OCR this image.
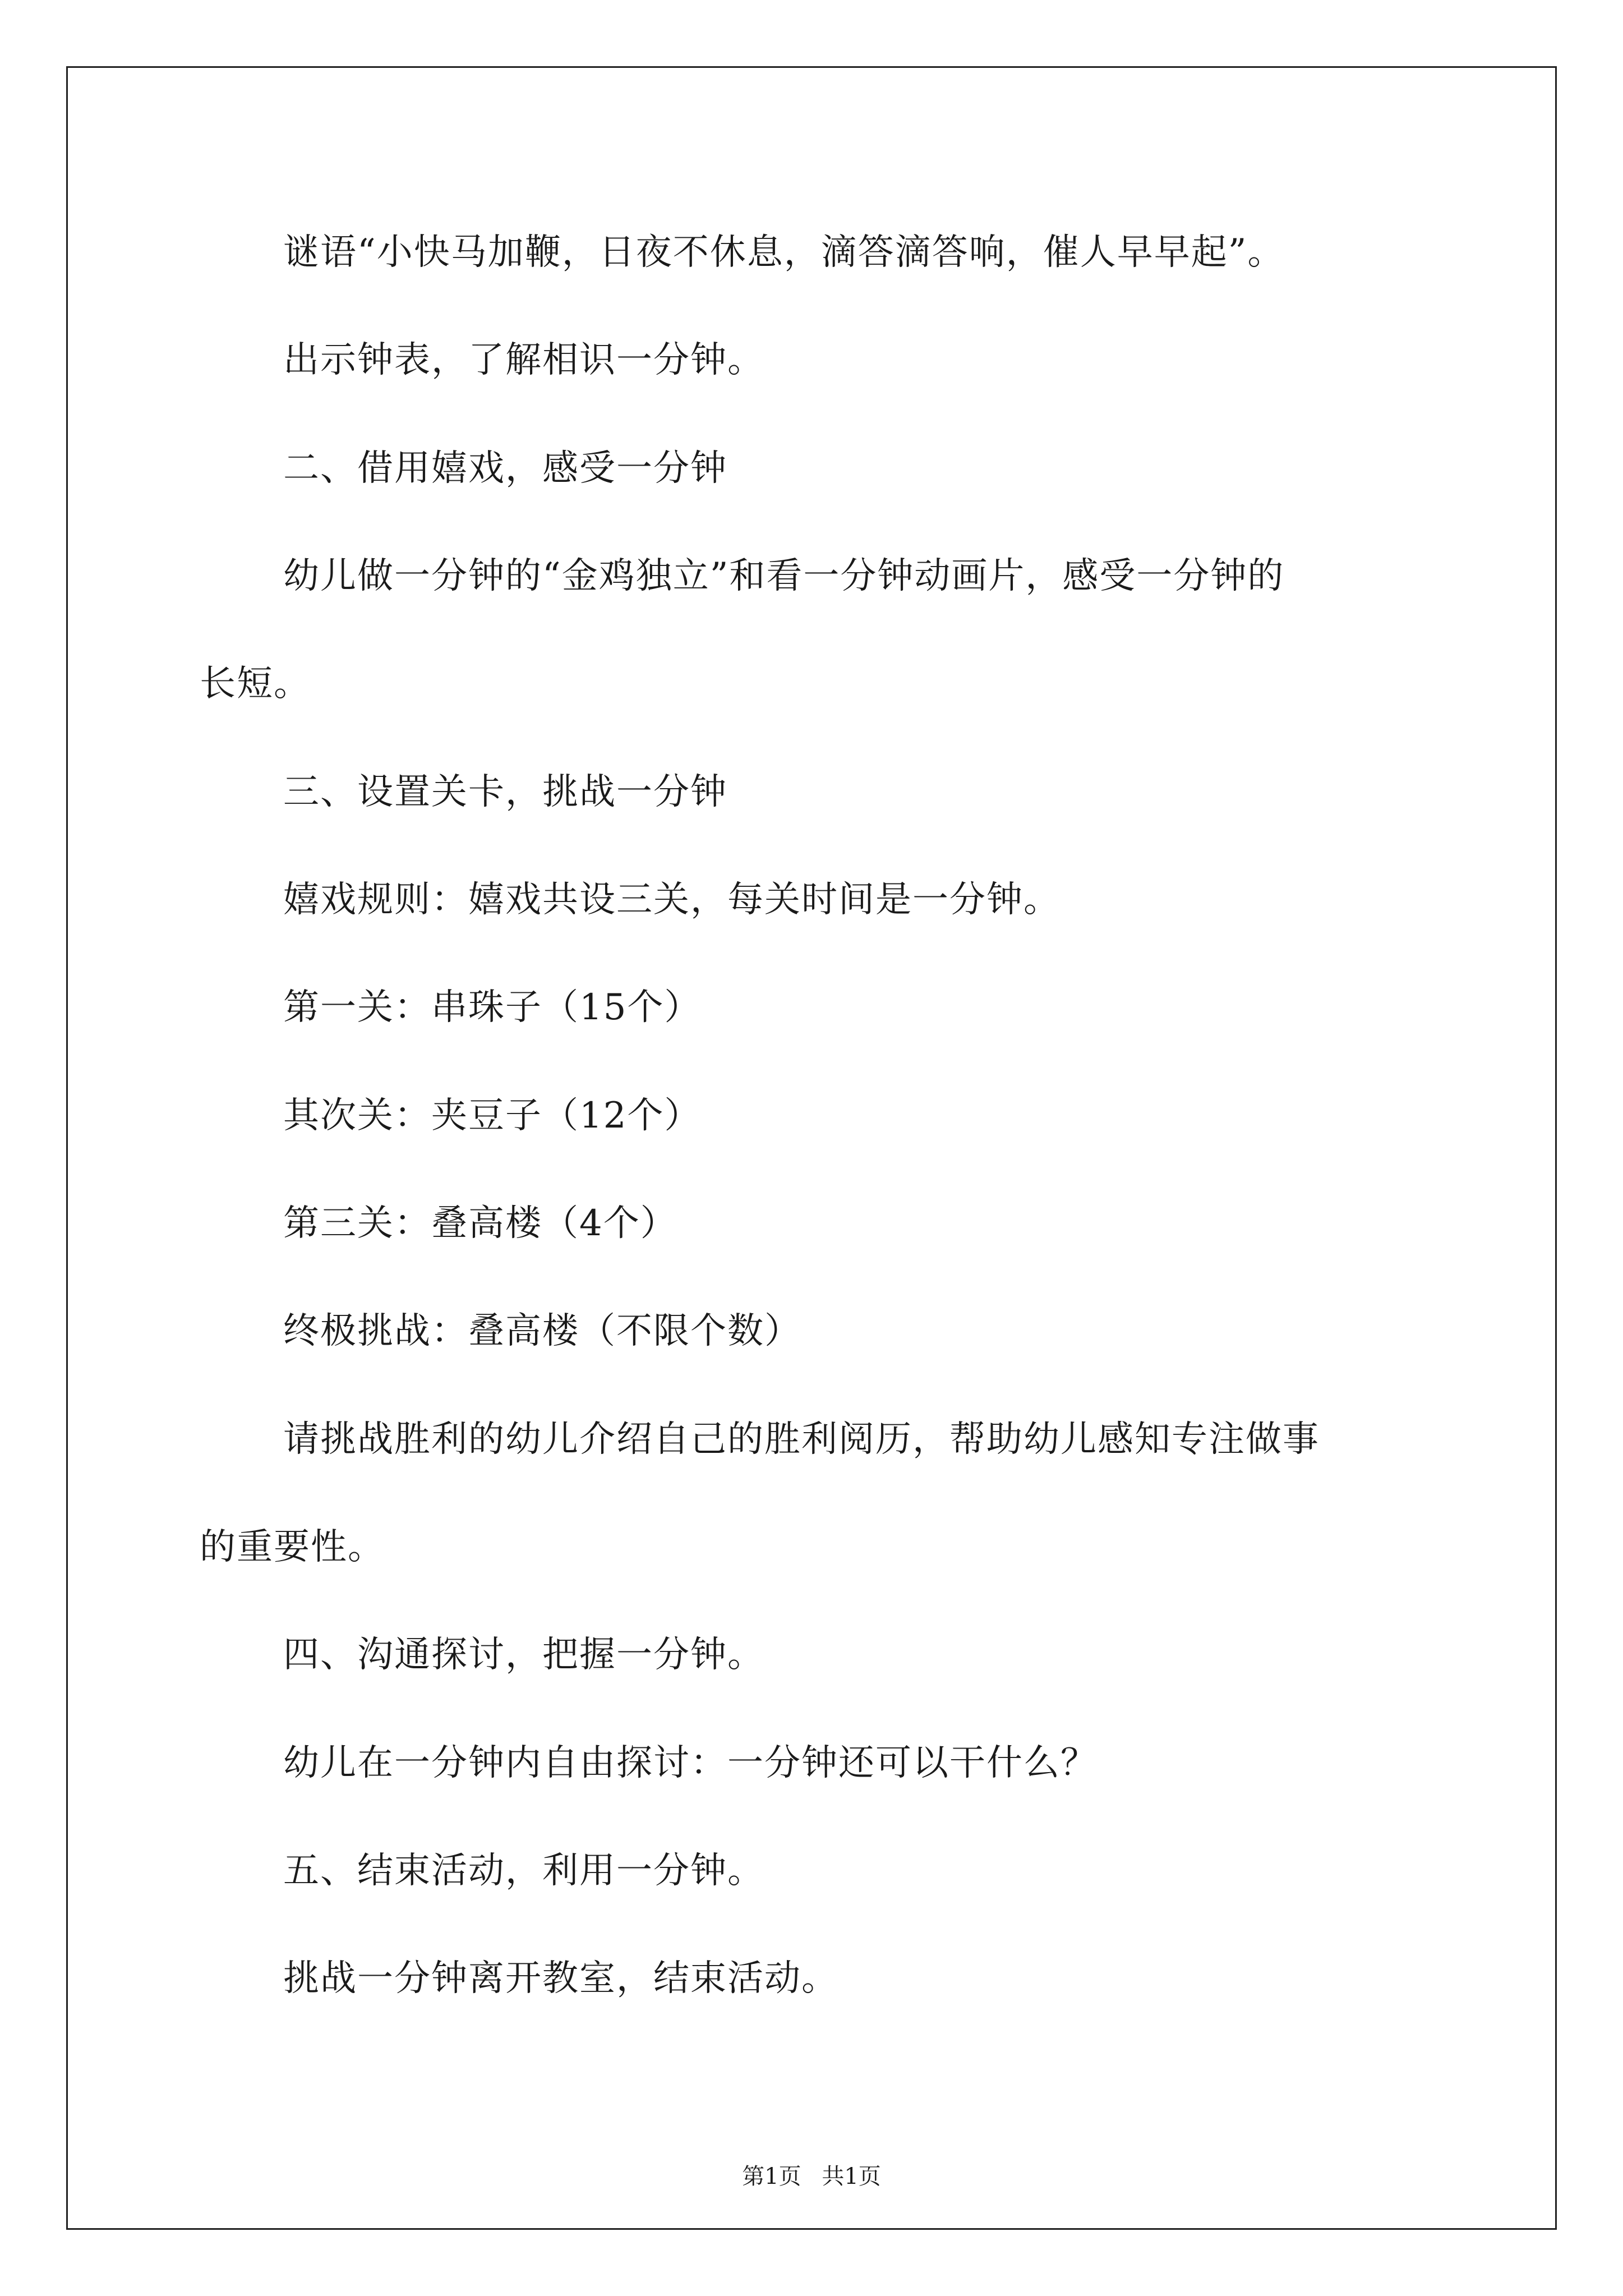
谜语“小快马加鞭，日夜不休息，滴答滴答响，催人早早起”。
出示钟表，了解相识一分钟。
二、借用嬉戏，感受一分钟
幼儿做一分钟的“金鸡独立”和看一分钟动画片，感受一分钟的
长短。
三、设置关卡，挑战一分钟
嬉戏规则：嬉戏共设三关，每关时间是一分钟。
第一关：串珠子（15个）
其次关：夹豆子（12个）
第三关：叠高楼（4个）
终极挑战：叠高楼（不限个数）
请挑战胜利的幼儿介绍自己的胜利阅历，帮助幼儿感知专注做事
的重要性。
四、沟通探讨，把握一分钟。
幼儿在一分钟内自由探讨：一分钟还可以干什么？
五、结束活动，利用一分钟。
挑战一分钟离开教室，结束活动。
第1页 共1页
